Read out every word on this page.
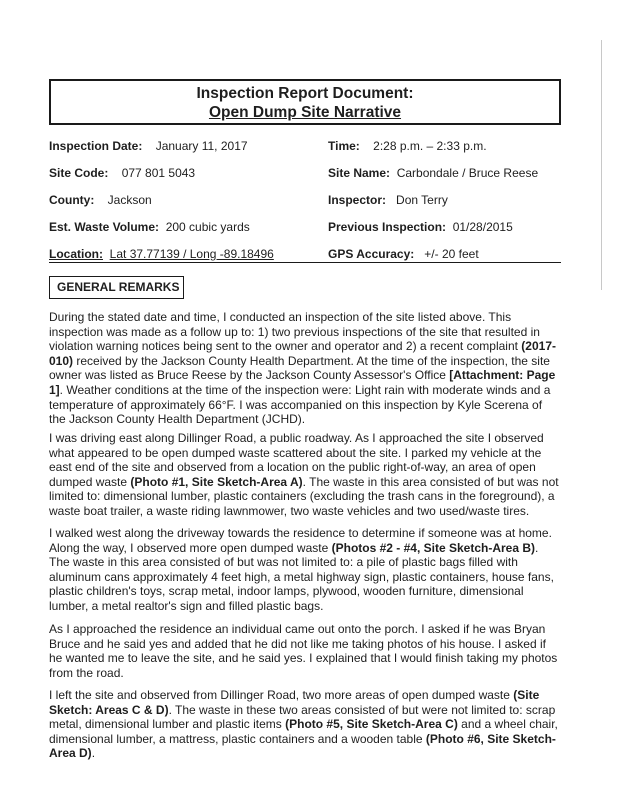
Inspection Report Document:
Open Dump Site Narrative
Inspection Date: January 11, 2017
Site Code: 077 801 5043
County: Jackson
Est. Waste Volume: 200 cubic yards
Location: Lat 37.77139 / Long -89.18496
Time: 2:28 p.m. – 2:33 p.m.
Site Name: Carbondale / Bruce Reese
Inspector: Don Terry
Previous Inspection: 01/28/2015
GPS Accuracy: +/- 20 feet
GENERAL REMARKS
During the stated date and time, I conducted an inspection of the site listed above. This inspection was made as a follow up to: 1) two previous inspections of the site that resulted in violation warning notices being sent to the owner and operator and 2) a recent complaint (2017-010) received by the Jackson County Health Department. At the time of the inspection, the site owner was listed as Bruce Reese by the Jackson County Assessor's Office [Attachment: Page 1]. Weather conditions at the time of the inspection were: Light rain with moderate winds and a temperature of approximately 66°F. I was accompanied on this inspection by Kyle Scerena of the Jackson County Health Department (JCHD).
I was driving east along Dillinger Road, a public roadway. As I approached the site I observed what appeared to be open dumped waste scattered about the site. I parked my vehicle at the east end of the site and observed from a location on the public right-of-way, an area of open dumped waste (Photo #1, Site Sketch-Area A). The waste in this area consisted of but was not limited to: dimensional lumber, plastic containers (excluding the trash cans in the foreground), a waste boat trailer, a waste riding lawnmower, two waste vehicles and two used/waste tires.
I walked west along the driveway towards the residence to determine if someone was at home. Along the way, I observed more open dumped waste (Photos #2 - #4, Site Sketch-Area B). The waste in this area consisted of but was not limited to: a pile of plastic bags filled with aluminum cans approximately 4 feet high, a metal highway sign, plastic containers, house fans, plastic children's toys, scrap metal, indoor lamps, plywood, wooden furniture, dimensional lumber, a metal realtor's sign and filled plastic bags.
As I approached the residence an individual came out onto the porch. I asked if he was Bryan Bruce and he said yes and added that he did not like me taking photos of his house. I asked if he wanted me to leave the site, and he said yes. I explained that I would finish taking my photos from the road.
I left the site and observed from Dillinger Road, two more areas of open dumped waste (Site Sketch: Areas C & D). The waste in these two areas consisted of but were not limited to: scrap metal, dimensional lumber and plastic items (Photo #5, Site Sketch-Area C) and a wheel chair, dimensional lumber, a mattress, plastic containers and a wooden table (Photo #6, Site Sketch-Area D).
